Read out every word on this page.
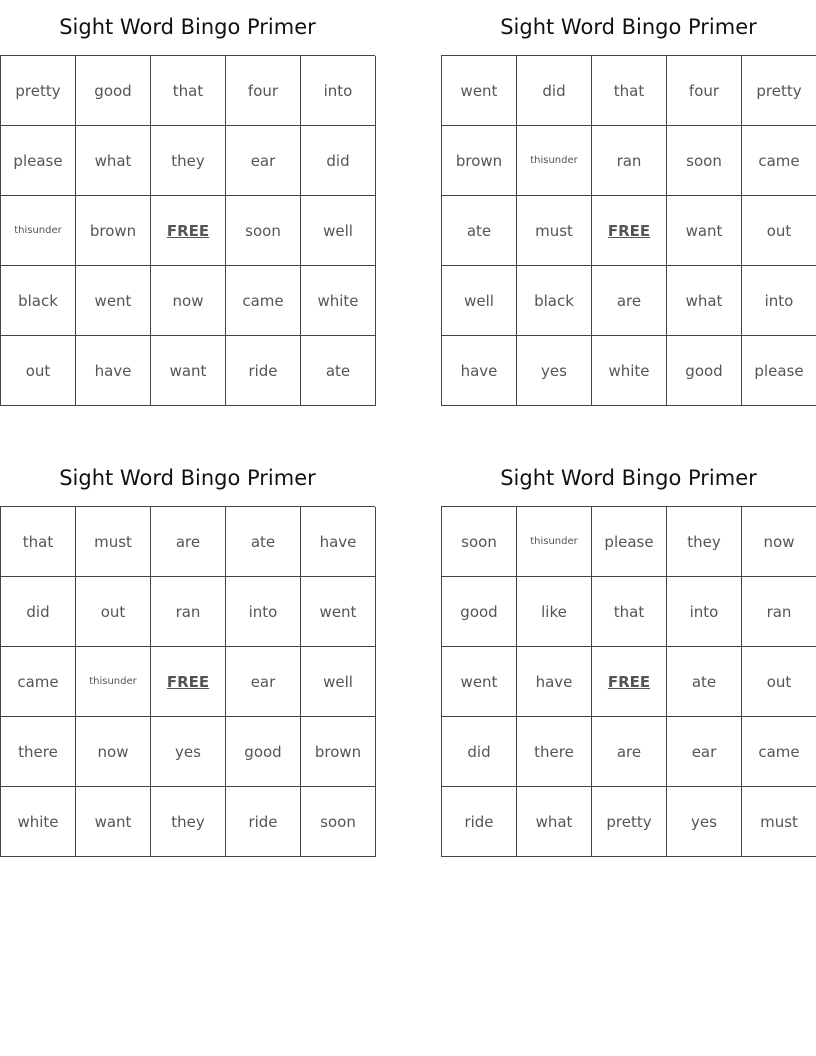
Sight Word Bingo Primer
pretty	good	that	four	into
please	what	they	ear	did
thisunder	brown	FREE	soon	well
black	went	now	came	white
out	have	want	ride	ate
Sight Word Bingo Primer
went	did	that	four	pretty
brown	thisunder	ran	soon	came
ate	must	FREE	want	out
well	black	are	what	into
have	yes	white	good	please
Sight Word Bingo Primer
that	must	are	ate	have
did	out	ran	into	went
came	thisunder	FREE	ear	well
there	now	yes	good	brown
white	want	they	ride	soon
Sight Word Bingo Primer
soon	thisunder	please	they	now
good	like	that	into	ran
went	have	FREE	ate	out
did	there	are	ear	came
ride	what	pretty	yes	must
